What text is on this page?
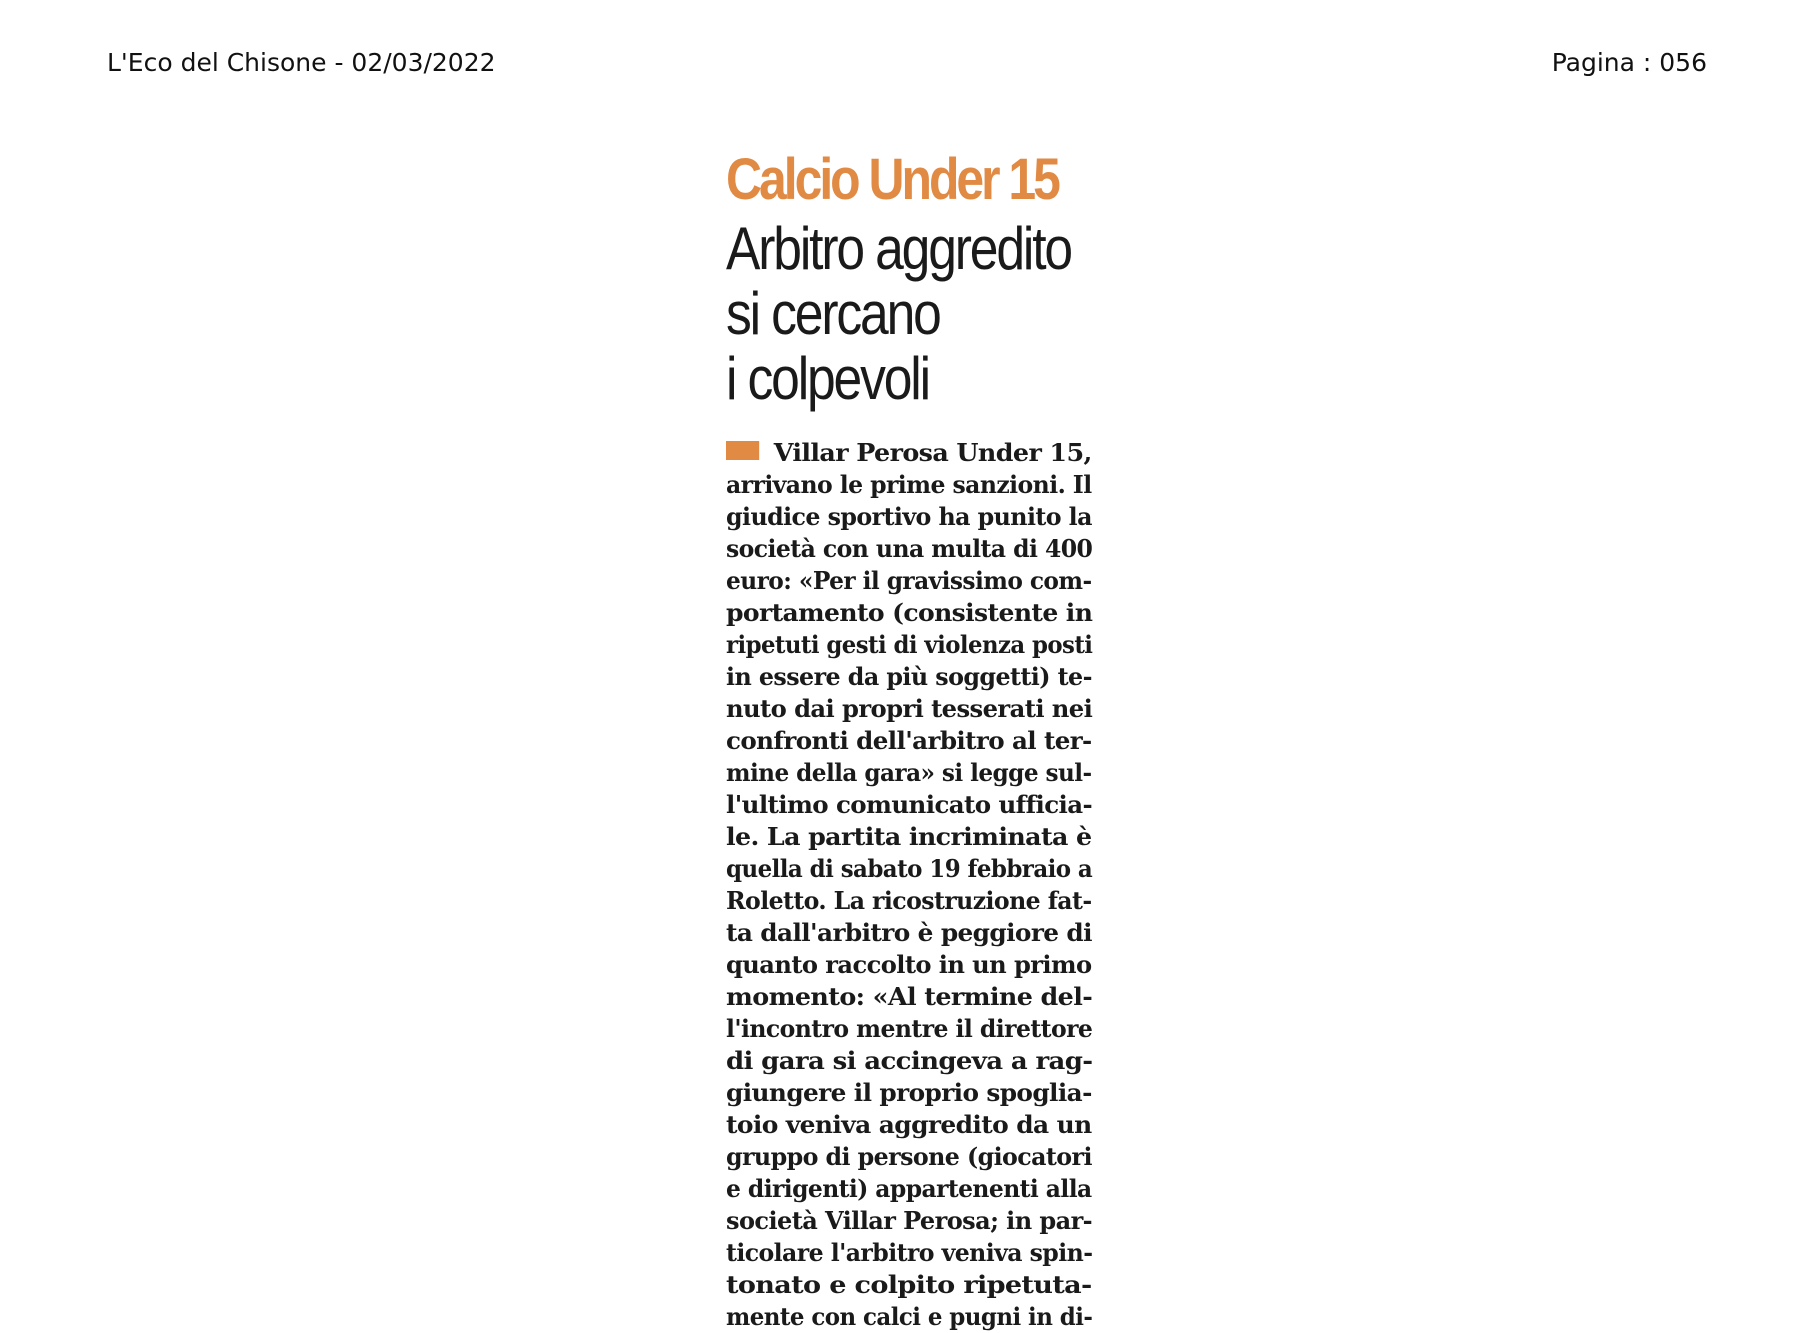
L'Eco del Chisone - 02/03/2022	Pagina : 056
Calcio Under 15
Arbitro aggredito
si cercano
i colpevoli
Villar Perosa Under 15,
arrivano le prime sanzioni. Il
giudice sportivo ha punito la
società con una multa di 400
euro: «Per il gravissimo com-
portamento (consistente in
ripetuti gesti di violenza posti
in essere da più soggetti) te-
nuto dai propri tesserati nei
confronti dell'arbitro al ter-
mine della gara» si legge sul-
l'ultimo comunicato ufficia-
le. La partita incriminata è
quella di sabato 19 febbraio a
Roletto. La ricostruzione fat-
ta dall'arbitro è peggiore di
quanto raccolto in un primo
momento: «Al termine del-
l'incontro mentre il direttore
di gara si accingeva a rag-
giungere il proprio spoglia-
toio veniva aggredito da un
gruppo di persone (giocatori
e dirigenti) appartenenti alla
società Villar Perosa; in par-
ticolare l'arbitro veniva spin-
tonato e colpito ripetuta-
mente con calci e pugni in di-
